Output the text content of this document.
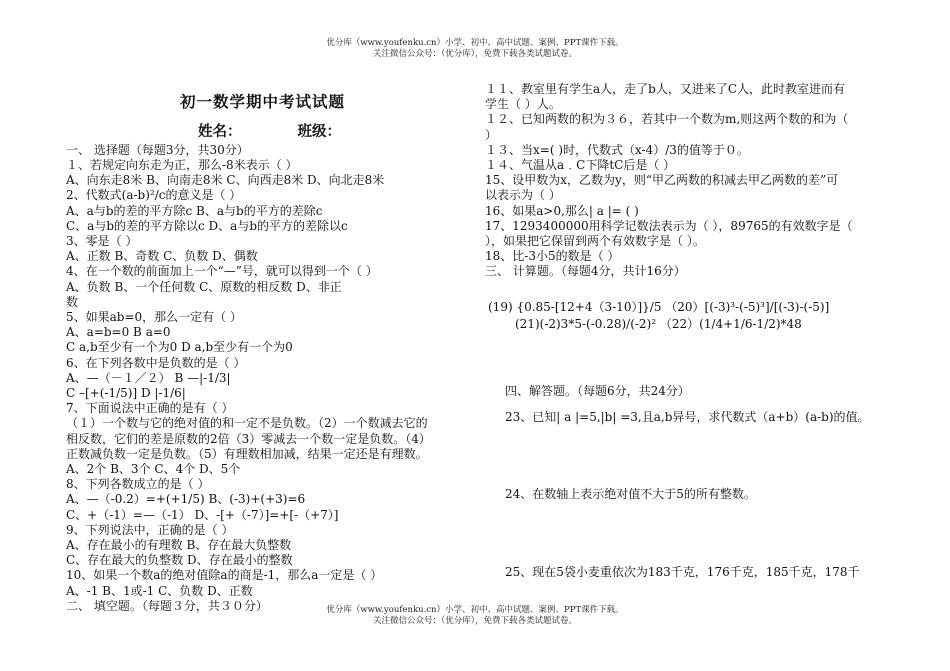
优分库（www.youfenku.cn）小学、初中、高中试题、案例、PPT课件下载。
关注微信公众号：（优分库），免费下载各类试题试卷。
初一数学期中考试试题
姓名：	班级：
一、 选择题（每题3分，共30分）
１、若规定向东走为正，那么-8米表示（ ）
A、向东走8米 B、向南走8米 C、向西走8米 D、向北走8米
2、代数式(a-b)²/c的意义是（ ）
A、a与b的差的平方除c B、a与b的平方的差除c
C、a与b的差的平方除以c D、a与b的平方的差除以c
3、零是（ ）
A、正数 B、奇数 C、负数 D、偶数
4、在一个数的前面加上一个“—”号，就可以得到一个（ ）
A、负数 B、一个任何数 C、原数的相反数 D、非正
数
5、如果ab=0，那么一定有（ ）
A、a=b=0 B a=0
C a,b至少有一个为0 D a,b至少有一个为0
6、在下列各数中是负数的是（ ）
A、—（－１／２） B —|-1/3|
C –[+(-1/5)] D |-1/6|
7、下面说法中正确的是有（ ）
（１）一个数与它的绝对值的和一定不是负数。（2）一个数减去它的
相反数，它们的差是原数的2倍（3）零减去一个数一定是负数。（4）
正数减负数一定是负数。（5）有理数相加减，结果一定还是有理数。
A、2个 B、3个 C、4个 D、5个
8、下列各数成立的是（ ）
A、—（-0.2）=+(+1/5) B、(-3)+(+3)=6
C、+（-1）=—（-1） D、-[+（-7）]=+[-（+7）]
9、下列说法中，正确的是（ ）
A、存在最小的有理数 B、存在最大负整数
C、存在最大的负整数 D、存在最小的整数
10、如果一个数a的绝对值除a的商是-1，那么a一定是（ ）
A、-1 B、1或-1 C、负数 D、正数
二、 填空题。（每题３分，共３０分）
１１、教室里有学生a人，走了b人，又进来了C人，此时教室进而有
学生（ ）人。
１２、已知两数的积为３６，若其中一个数为m,则这两个数的和为（
）
１３、当x=( )时，代数式（x-4）/3的值等于０。
１４、气温从a﹒C下降tC后是（ ）
15、设甲数为x，乙数为y，则“甲乙两数的积减去甲乙两数的差”可
以表示为（ ）
16、如果a>0,那么| a |= ( )
17、1293400000用科学记数法表示为（ ），89765的有效数字是（
），如果把它保留到两个有效数字是（ ）。
18、比-3小5的数是（ ）
三、 计算题。（每题4分，共计16分）
(19) {0.85-[12+4（3-10）]}/5 （20）[(-3)³-(-5)³]/[(-3)-(-5)]
(21)(-2)3*5-(-0.28)/(-2)² （22）(1/4+1/6-1/2)*48
四、解答题。（每题6分，共24分）
23、已知| a |=5,|b| =3,且a,b异号，求代数式（a+b）(a-b)的值。
24、在数轴上表示绝对值不大于5的所有整数。
25、现在5袋小麦重依次为183千克，176千克，185千克，178千
优分库（www.youfenku.cn）小学、初中、高中试题、案例、PPT课件下载。
关注微信公众号：（优分库），免费下载各类试题试卷。
